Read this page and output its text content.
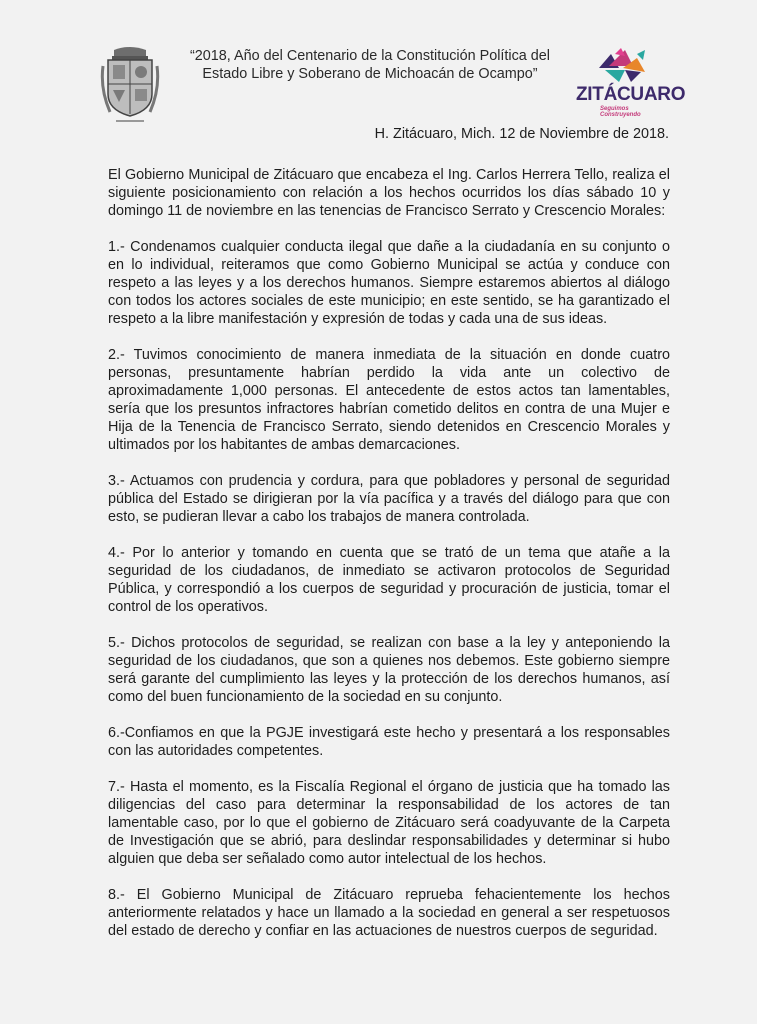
“2018, Año del Centenario de la Constitución Política del
Estado Libre y Soberano de Michoacán de Ocampo”
ZITÁCUARO
Seguimos Construyendo
H. Zitácuaro, Mich. 12 de Noviembre de 2018.

El Gobierno Municipal de Zitácuaro que encabeza el Ing. Carlos Herrera Tello, realiza el siguiente posicionamiento con relación a los hechos ocurridos los días sábado 10 y domingo 11 de noviembre en las tenencias de Francisco Serrato y Crescencio Morales:

1.- Condenamos cualquier conducta ilegal que dañe a la ciudadanía en su conjunto o en lo individual, reiteramos que como Gobierno Municipal se actúa y conduce con respeto a las leyes y a los derechos humanos. Siempre estaremos abiertos al diálogo con todos los actores sociales de este municipio; en este sentido, se ha garantizado el respeto a la libre manifestación y expresión de todas y cada una de sus ideas.

2.- Tuvimos conocimiento de manera inmediata de la situación en donde cuatro personas, presuntamente habrían perdido la vida ante un colectivo de aproximadamente 1,000 personas. El antecedente de estos actos tan lamentables, sería que los presuntos infractores habrían cometido delitos en contra de una Mujer e Hija de la Tenencia de Francisco Serrato, siendo detenidos en Crescencio Morales y ultimados por los habitantes de ambas demarcaciones.

3.- Actuamos con prudencia y cordura, para que pobladores y personal de seguridad pública del Estado se dirigieran por la vía pacífica y a través del diálogo para que con esto, se pudieran llevar a cabo los trabajos de manera controlada.

4.- Por lo anterior y tomando en cuenta que se trató de un tema que atañe a la seguridad de los ciudadanos, de inmediato se activaron protocolos de Seguridad Pública, y correspondió a los cuerpos de seguridad y procuración de justicia, tomar el control de los operativos.

5.- Dichos protocolos de seguridad, se realizan con base a la ley y anteponiendo la seguridad de los ciudadanos, que son a quienes nos debemos. Este gobierno siempre será garante del cumplimiento las leyes y la protección de los derechos humanos, así como del buen funcionamiento de la sociedad en su conjunto.

6.-Confiamos en que la PGJE investigará este hecho y presentará a los responsables con las autoridades competentes.

7.- Hasta el momento, es la Fiscalía Regional el órgano de justicia que ha tomado las diligencias del caso para determinar la responsabilidad de los actores de tan lamentable caso, por lo que el gobierno de Zitácuaro será coadyuvante de la Carpeta de Investigación que se abrió, para deslindar responsabilidades y determinar si hubo alguien que deba ser señalado como autor intelectual de los hechos.

8.- El Gobierno Municipal de Zitácuaro reprueba fehacientemente los hechos anteriormente relatados y hace un llamado a la sociedad en general a ser respetuosos del estado de derecho y confiar en las actuaciones de nuestros cuerpos de seguridad.
